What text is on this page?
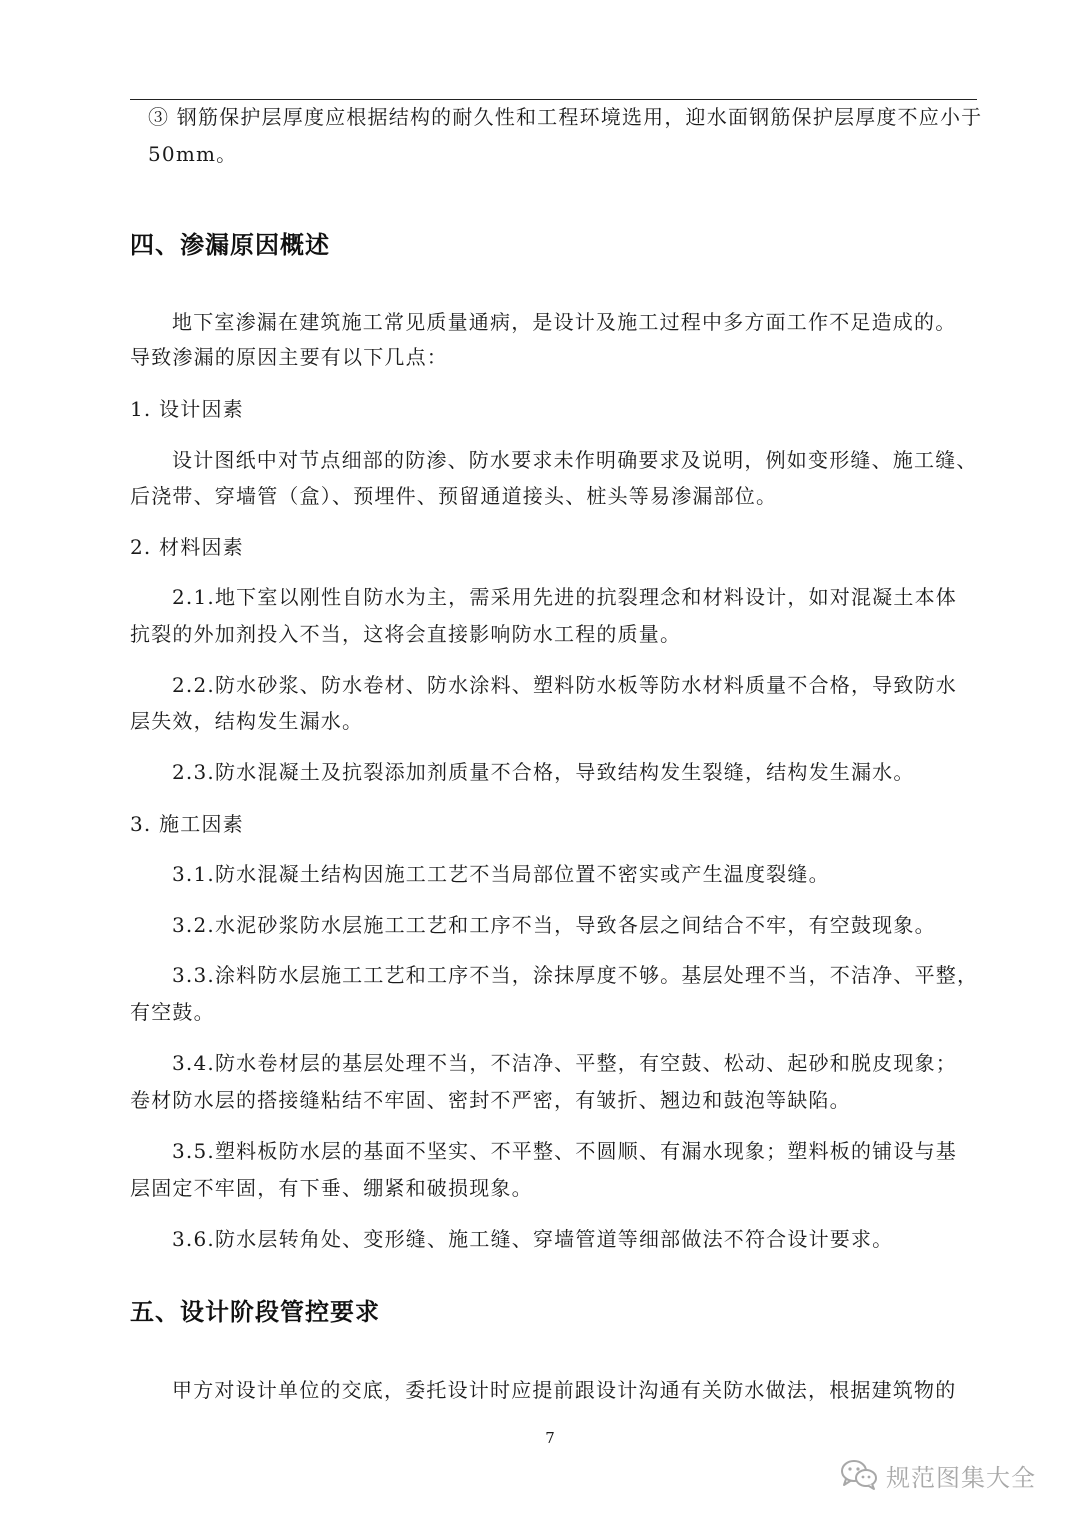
③ 钢筋保护层厚度应根据结构的耐久性和工程环境选用，迎水面钢筋保护层厚度不应小于
50mm。
四、渗漏原因概述
地下室渗漏在建筑施工常见质量通病，是设计及施工过程中多方面工作不足造成的。
导致渗漏的原因主要有以下几点：
1. 设计因素
设计图纸中对节点细部的防渗、防水要求未作明确要求及说明，例如变形缝、施工缝、
后浇带、穿墙管（盒）、预埋件、预留通道接头、桩头等易渗漏部位。
2. 材料因素
2.1.地下室以刚性自防水为主，需采用先进的抗裂理念和材料设计，如对混凝土本体
抗裂的外加剂投入不当，这将会直接影响防水工程的质量。
2.2.防水砂浆、防水卷材、防水涂料、塑料防水板等防水材料质量不合格，导致防水
层失效，结构发生漏水。
2.3.防水混凝土及抗裂添加剂质量不合格，导致结构发生裂缝，结构发生漏水。
3. 施工因素
3.1.防水混凝土结构因施工工艺不当局部位置不密实或产生温度裂缝。
3.2.水泥砂浆防水层施工工艺和工序不当，导致各层之间结合不牢，有空鼓现象。
3.3.涂料防水层施工工艺和工序不当，涂抹厚度不够。基层处理不当，不洁净、平整，
有空鼓。
3.4.防水卷材层的基层处理不当，不洁净、平整，有空鼓、松动、起砂和脱皮现象；
卷材防水层的搭接缝粘结不牢固、密封不严密，有皱折、翘边和鼓泡等缺陷。
3.5.塑料板防水层的基面不坚实、不平整、不圆顺、有漏水现象；塑料板的铺设与基
层固定不牢固，有下垂、绷紧和破损现象。
3.6.防水层转角处、变形缝、施工缝、穿墙管道等细部做法不符合设计要求。
五、设计阶段管控要求
甲方对设计单位的交底，委托设计时应提前跟设计沟通有关防水做法，根据建筑物的
7
规范图集大全
